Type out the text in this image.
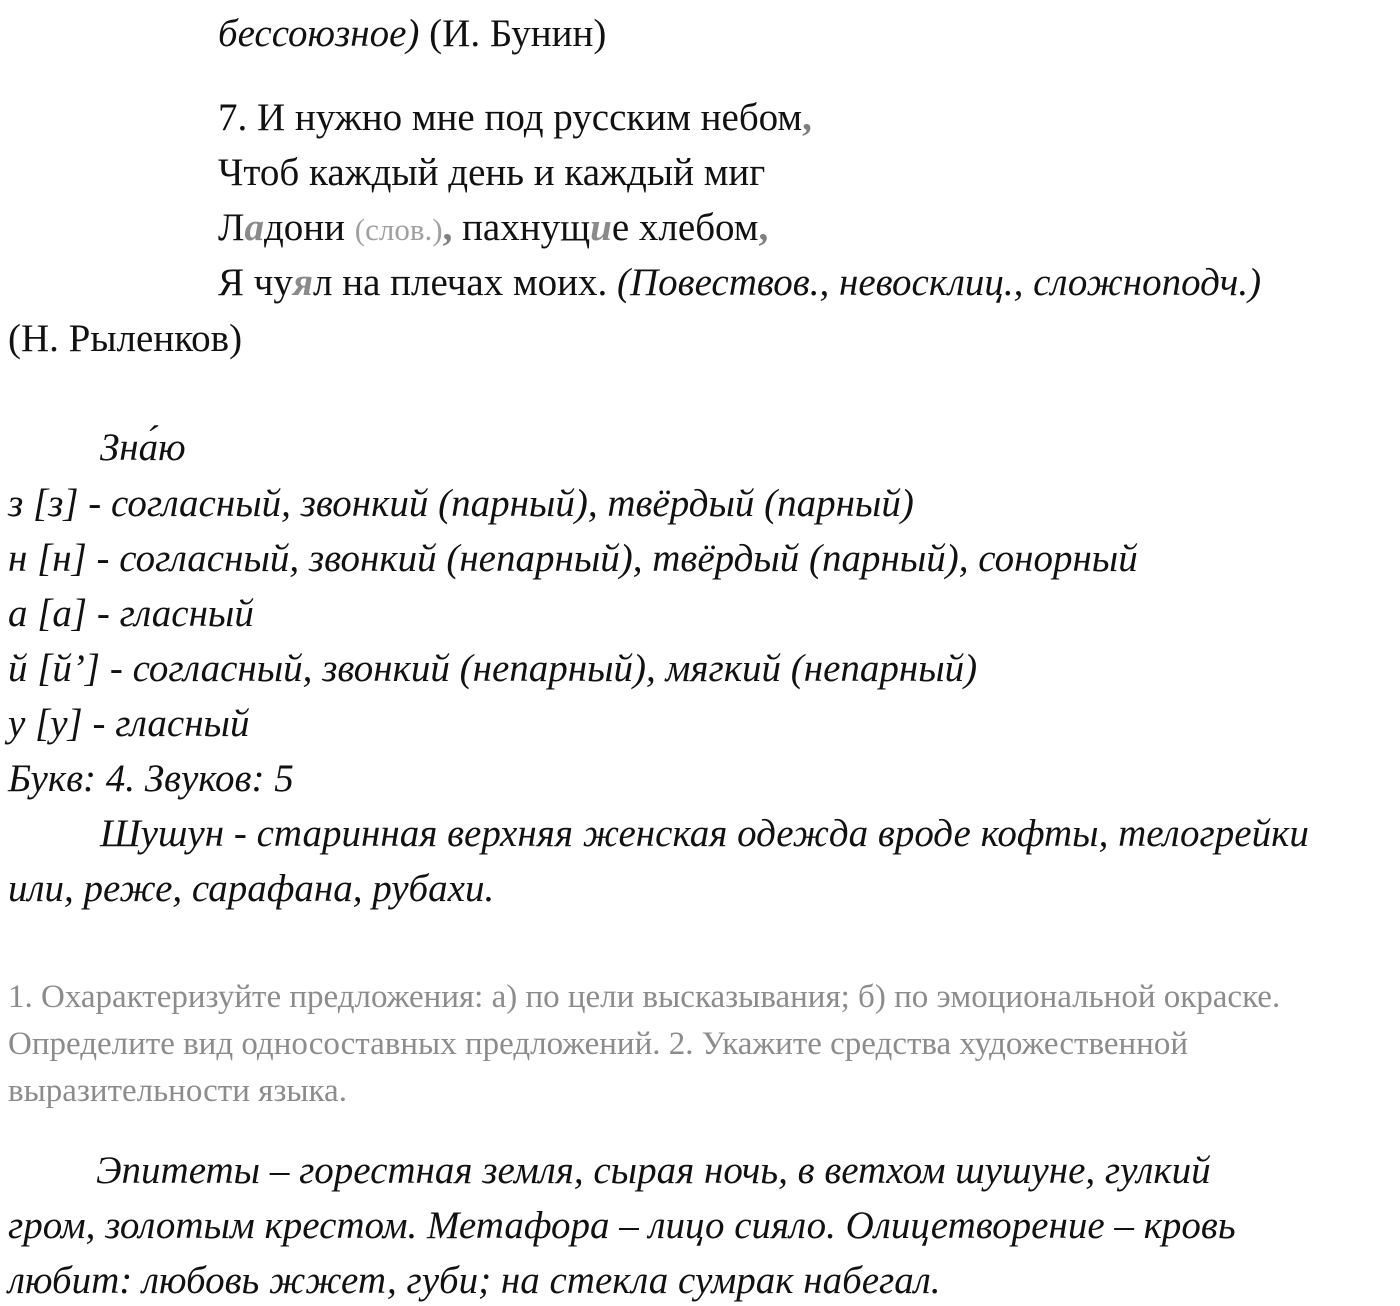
бессоюзное) (И. Бунин)
7. И нужно мне под русским небом,
Чтоб каждый день и каждый миг
Ладони (слов.), пахнущие хлебом,
Я чуял на плечах моих. (Повествов., невосклиц., сложноподч.)
(Н. Рыленков)
Зна́ю
з [з] - согласный, звонкий (парный), твёрдый (парный)
н [н] - согласный, звонкий (непарный), твёрдый (парный), сонорный
а [а] - гласный
й [й’] - согласный, звонкий (непарный), мягкий (непарный)
у [у] - гласный
Букв: 4. Звуков: 5
Шушун - старинная верхняя женская одежда вроде кофты, телогрейки
или, реже, сарафана, рубахи.
1. Охарактеризуйте предложения: а) по цели высказывания; б) по эмоциональной окраске.
Определите вид односоставных предложений. 2. Укажите средства художественной
выразительности языка.
Эпитеты – горестная земля, сырая ночь, в ветхом шушуне, гулкий
гром, золотым крестом. Метафора – лицо сияло. Олицетворение – кровь
любит: любовь жжет, губи; на стекла сумрак набегал.
